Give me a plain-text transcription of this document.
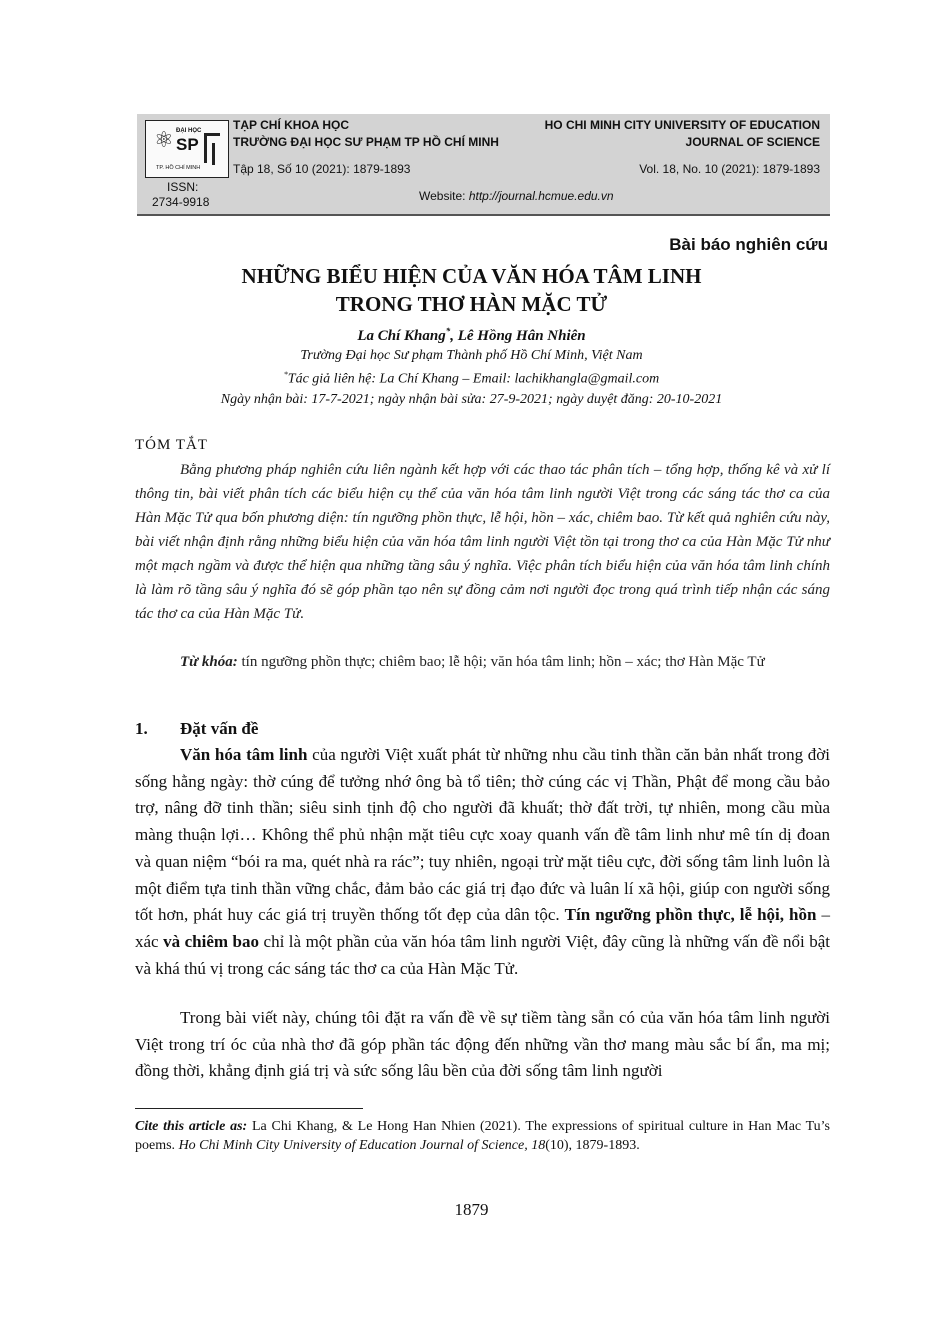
⚛ ĐẠI HỌC
SP
TP. HỒ CHÍ MINH
TẠP CHÍ KHOA HỌC
TRƯỜNG ĐẠI HỌC SƯ PHẠM TP HỒ CHÍ MINH
Tập 18, Số 10 (2021): 1879-1893
HO CHI MINH CITY UNIVERSITY OF EDUCATION
JOURNAL OF SCIENCE
Vol. 18, No. 10 (2021): 1879-1893
ISSN:
2734-9918	Website: http://journal.hcmue.edu.vn
Bài báo nghiên cứu
NHỮNG BIỂU HIỆN CỦA VĂN HÓA TÂM LINH
TRONG THƠ HÀN MẶC TỬ
La Chí Khang*, Lê Hồng Hân Nhiên
Trường Đại học Sư phạm Thành phố Hồ Chí Minh, Việt Nam
*Tác giả liên hệ: La Chí Khang – Email: lachikhangla@gmail.com
Ngày nhận bài: 17-7-2021; ngày nhận bài sửa: 27-9-2021; ngày duyệt đăng: 20-10-2021
TÓM TẮT
Bằng phương pháp nghiên cứu liên ngành kết hợp với các thao tác phân tích – tổng hợp, thống kê và xử lí thông tin, bài viết phân tích các biểu hiện cụ thể của văn hóa tâm linh người Việt trong các sáng tác thơ ca của Hàn Mặc Tử qua bốn phương diện: tín ngưỡng phồn thực, lễ hội, hồn – xác, chiêm bao. Từ kết quả nghiên cứu này, bài viết nhận định rằng những biểu hiện của văn hóa tâm linh người Việt tồn tại trong thơ ca của Hàn Mặc Tử như một mạch ngầm và được thể hiện qua những tầng sâu ý nghĩa. Việc phân tích biểu hiện của văn hóa tâm linh chính là làm rõ tầng sâu ý nghĩa đó sẽ góp phần tạo nên sự đồng cảm nơi người đọc trong quá trình tiếp nhận các sáng tác thơ ca của Hàn Mặc Tử.
Từ khóa: tín ngưỡng phồn thực; chiêm bao; lễ hội; văn hóa tâm linh; hồn – xác; thơ Hàn Mặc Tử
1. Đặt vấn đề
Văn hóa tâm linh của người Việt xuất phát từ những nhu cầu tinh thần căn bản nhất trong đời sống hằng ngày: thờ cúng để tưởng nhớ ông bà tổ tiên; thờ cúng các vị Thần, Phật để mong cầu bảo trợ, nâng đỡ tinh thần; siêu sinh tịnh độ cho người đã khuất; thờ đất trời, tự nhiên, mong cầu mùa màng thuận lợi… Không thể phủ nhận mặt tiêu cực xoay quanh vấn đề tâm linh như mê tín dị đoan và quan niệm “bói ra ma, quét nhà ra rác”; tuy nhiên, ngoại trừ mặt tiêu cực, đời sống tâm linh luôn là một điểm tựa tinh thần vững chắc, đảm bảo các giá trị đạo đức và luân lí xã hội, giúp con người sống tốt hơn, phát huy các giá trị truyền thống tốt đẹp của dân tộc. Tín ngưỡng phồn thực, lễ hội, hồn – xác và chiêm bao chỉ là một phần của văn hóa tâm linh người Việt, đây cũng là những vấn đề nổi bật và khá thú vị trong các sáng tác thơ ca của Hàn Mặc Tử.
Trong bài viết này, chúng tôi đặt ra vấn đề về sự tiềm tàng sẵn có của văn hóa tâm linh người Việt trong trí óc của nhà thơ đã góp phần tác động đến những vần thơ mang màu sắc bí ẩn, ma mị; đồng thời, khẳng định giá trị và sức sống lâu bền của đời sống tâm linh người
Cite this article as: La Chi Khang, & Le Hong Han Nhien (2021). The expressions of spiritual culture in Han Mac Tu’s poems. Ho Chi Minh City University of Education Journal of Science, 18(10), 1879-1893.
1879
